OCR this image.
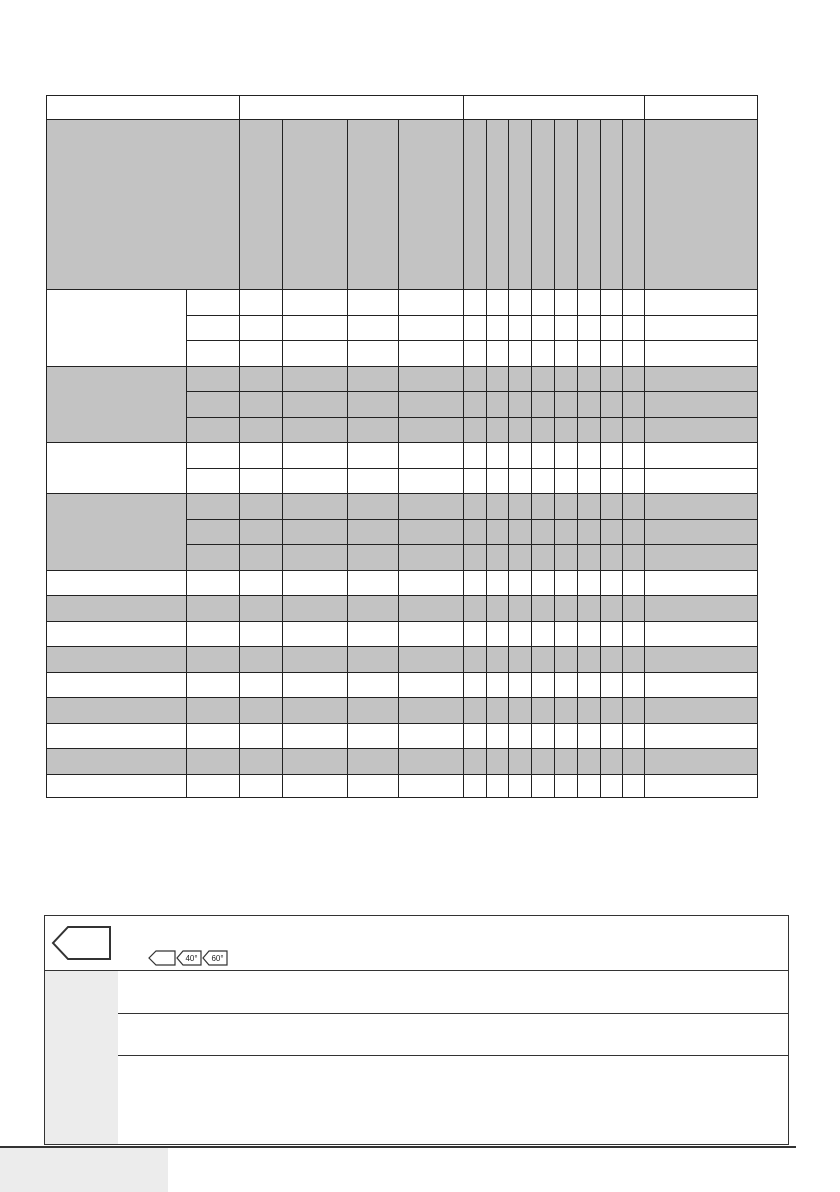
40°	60°
